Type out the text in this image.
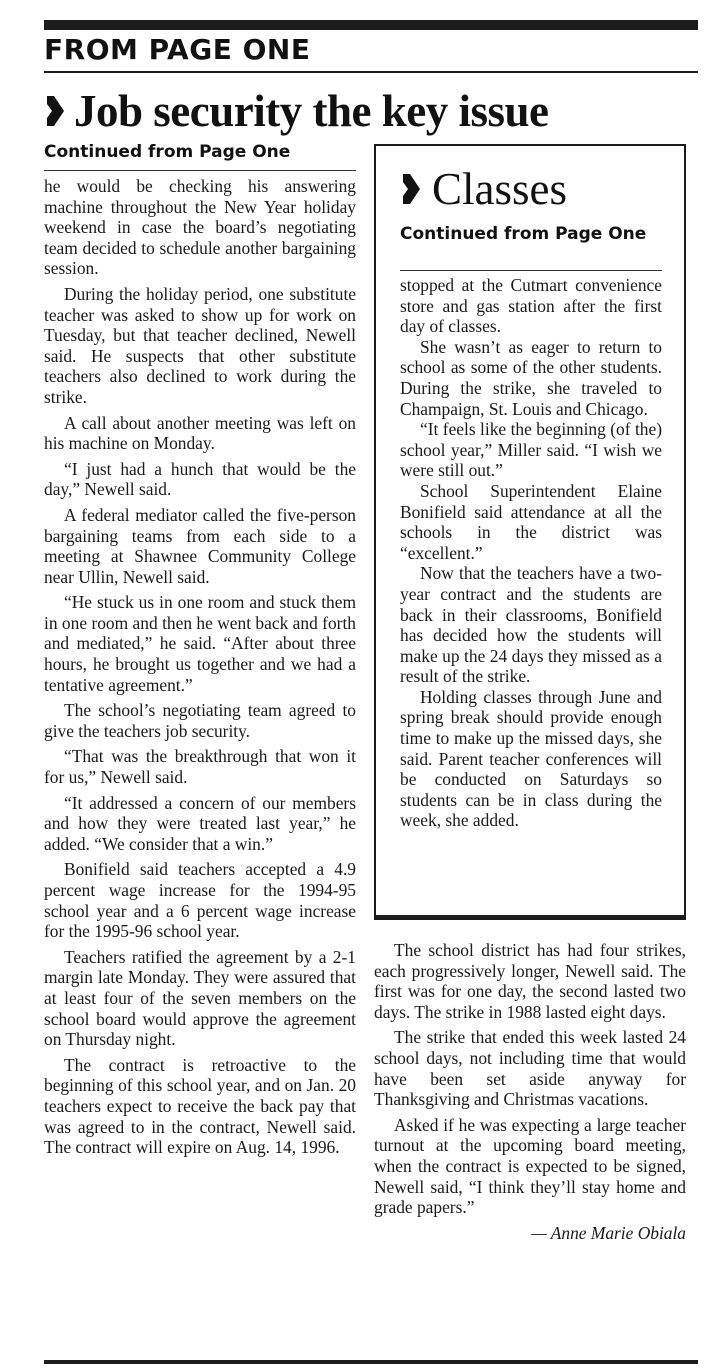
FROM PAGE ONE
Job security the key issue
Continued from Page One

he would be checking his answering machine throughout the New Year holiday weekend in case the board’s negotiating team decided to schedule another bargaining session.

During the holiday period, one substitute teacher was asked to show up for work on Tuesday, but that teacher declined, Newell said. He suspects that other substitute teachers also declined to work during the strike.

A call about another meeting was left on his machine on Monday.

“I just had a hunch that would be the day,” Newell said.

A federal mediator called the five-person bargaining teams from each side to a meeting at Shawnee Community College near Ullin, Newell said.

“He stuck us in one room and stuck them in one room and then he went back and forth and mediated,” he said. “After about three hours, he brought us together and we had a tentative agreement.”

The school’s negotiating team agreed to give the teachers job security.

“That was the breakthrough that won it for us,” Newell said.

“It addressed a concern of our members and how they were treated last year,” he added. “We consider that a win.”

Bonifield said teachers accepted a 4.9 percent wage increase for the 1994-95 school year and a 6 percent wage increase for the 1995-96 school year.

Teachers ratified the agreement by a 2-1 margin late Monday. They were assured that at least four of the seven members on the school board would approve the agreement on Thursday night.

The contract is retroactive to the beginning of this school year, and on Jan. 20 teachers expect to receive the back pay that was agreed to in the contract, Newell said. The contract will expire on Aug. 14, 1996.

Classes
Continued from Page One

stopped at the Cutmart convenience store and gas station after the first day of classes.

She wasn’t as eager to return to school as some of the other students. During the strike, she traveled to Champaign, St. Louis and Chicago.

“It feels like the beginning (of the) school year,” Miller said. “I wish we were still out.”

School Superintendent Elaine Bonifield said attendance at all the schools in the district was “excellent.”

Now that the teachers have a two-year contract and the students are back in their classrooms, Bonifield has decided how the students will make up the 24 days they missed as a result of the strike.

Holding classes through June and spring break should provide enough time to make up the missed days, she said. Parent teacher conferences will be conducted on Saturdays so students can be in class during the week, she added.

The school district has had four strikes, each progressively longer, Newell said. The first was for one day, the second lasted two days. The strike in 1988 lasted eight days.

The strike that ended this week lasted 24 school days, not including time that would have been set aside anyway for Thanksgiving and Christmas vacations.

Asked if he was expecting a large teacher turnout at the upcoming board meeting, when the contract is expected to be signed, Newell said, “I think they’ll stay home and grade papers.”

— Anne Marie Obiala
